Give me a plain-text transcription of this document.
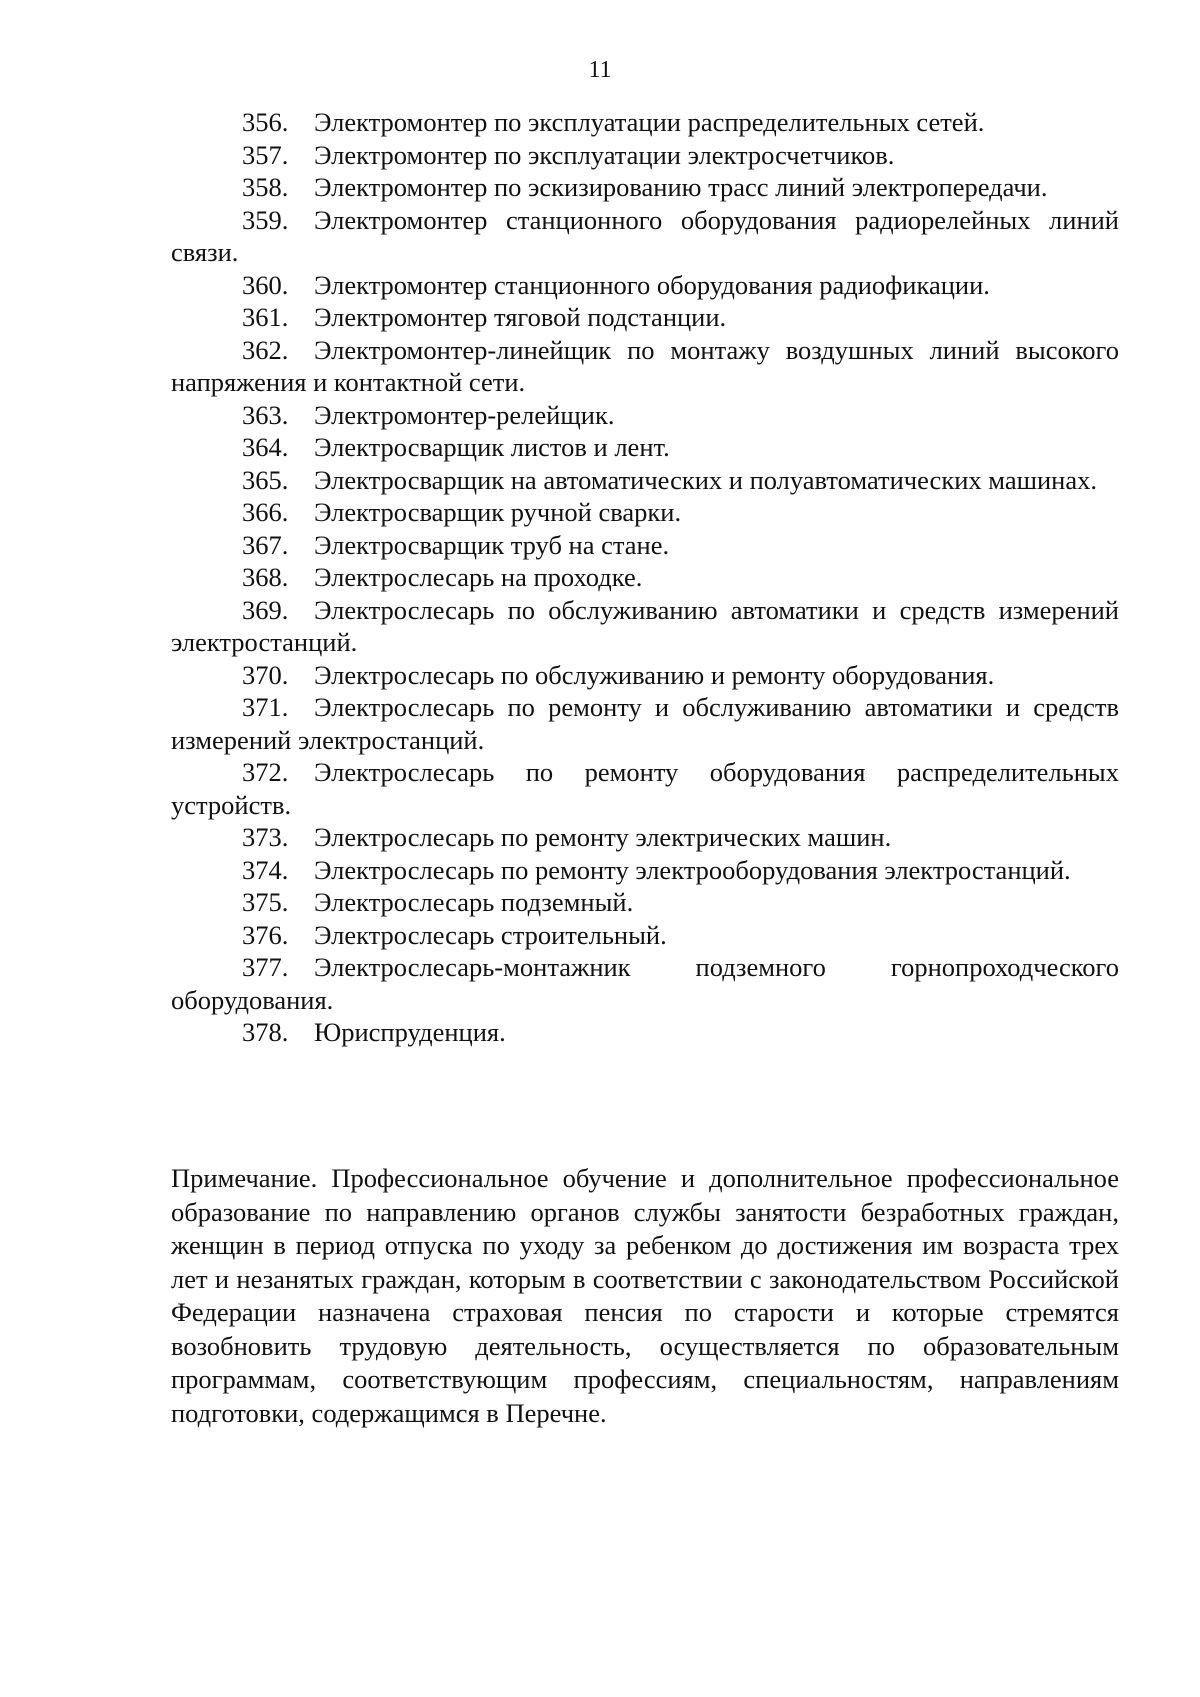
11
356. Электромонтер по эксплуатации распределительных сетей.
357. Электромонтер по эксплуатации электросчетчиков.
358. Электромонтер по эскизированию трасс линий электропередачи.
359. Электромонтер станционного оборудования радиорелейных линий связи.
360. Электромонтер станционного оборудования радиофикации.
361. Электромонтер тяговой подстанции.
362. Электромонтер-линейщик по монтажу воздушных линий высокого напряжения и контактной сети.
363. Электромонтер-релейщик.
364. Электросварщик листов и лент.
365. Электросварщик на автоматических и полуавтоматических машинах.
366. Электросварщик ручной сварки.
367. Электросварщик труб на стане.
368. Электрослесарь на проходке.
369. Электрослесарь по обслуживанию автоматики и средств измерений электростанций.
370. Электрослесарь по обслуживанию и ремонту оборудования.
371. Электрослесарь по ремонту и обслуживанию автоматики и средств измерений электростанций.
372. Электрослесарь по ремонту оборудования распределительных устройств.
373. Электрослесарь по ремонту электрических машин.
374. Электрослесарь по ремонту электрооборудования электростанций.
375. Электрослесарь подземный.
376. Электрослесарь строительный.
377. Электрослесарь-монтажник подземного горнопроходческого оборудования.
378. Юриспруденция.

Примечание. Профессиональное обучение и дополнительное профессиональное образование по направлению органов службы занятости безработных граждан, женщин в период отпуска по уходу за ребенком до достижения им возраста трех лет и незанятых граждан, которым в соответствии с законодательством Российской Федерации назначена страховая пенсия по старости и которые стремятся возобновить трудовую деятельность, осуществляется по образовательным программам, соответствующим профессиям, специальностям, направлениям подготовки, содержащимся в Перечне.
